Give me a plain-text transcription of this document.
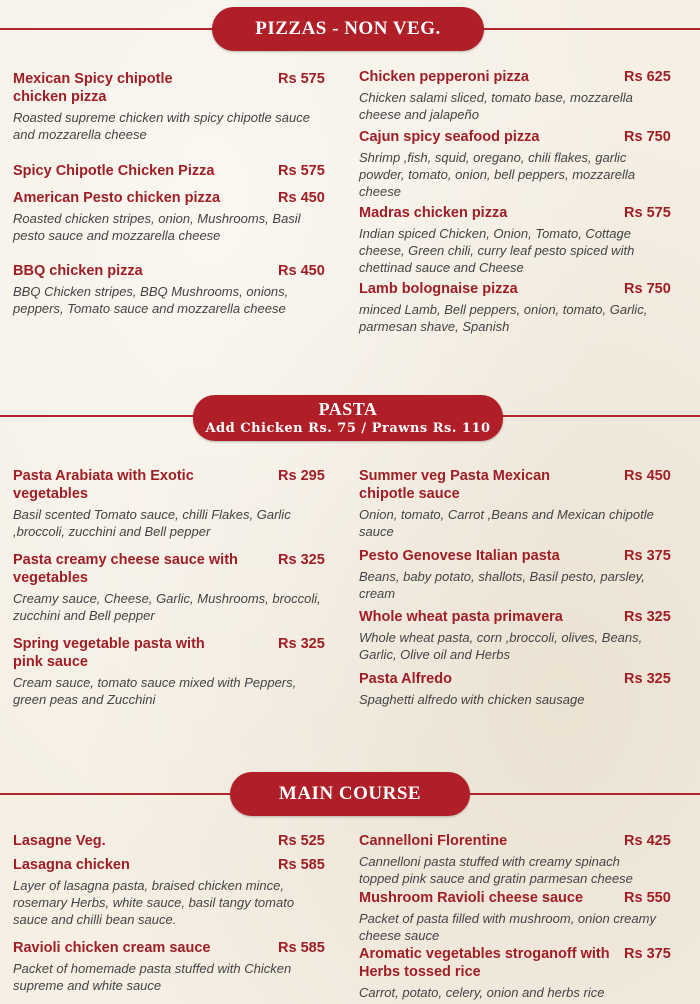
PIZZAS - NON VEG.
Mexican Spicy chipotle
chicken pizza
Rs 575
Roasted supreme chicken with spicy chipotle sauce
and mozzarella cheese
Spicy Chipotle Chicken Pizza	Rs 575
American Pesto chicken pizza	Rs 450
Roasted chicken stripes, onion, Mushrooms, Basil
pesto sauce and mozzarella cheese
BBQ chicken pizza	Rs 450
BBQ Chicken stripes, BBQ Mushrooms, onions,
peppers, Tomato sauce and mozzarella cheese
Chicken pepperoni pizza	Rs 625
Chicken salami sliced, tomato base, mozzarella
cheese and jalapeño
Cajun spicy seafood pizza	Rs 750
Shrimp ,fish, squid, oregano, chili flakes, garlic
powder, tomato, onion, bell peppers, mozzarella
cheese
Madras chicken pizza	Rs 575
Indian spiced Chicken, Onion, Tomato, Cottage
cheese, Green chili, curry leaf pesto spiced with
chettinad sauce and Cheese
Lamb bolognaise pizza	Rs 750
minced Lamb, Bell peppers, onion, tomato, Garlic,
parmesan shave, Spanish
PASTA
Add Chicken Rs. 75 / Prawns Rs. 110
Pasta Arabiata with Exotic
vegetables
Rs 295
Basil scented Tomato sauce, chilli Flakes, Garlic
,broccoli, zucchini and Bell pepper
Pasta creamy cheese sauce with
vegetables
Rs 325
Creamy sauce, Cheese, Garlic, Mushrooms, broccoli,
zucchini and Bell pepper
Spring vegetable pasta with
pink sauce
Rs 325
Cream sauce, tomato sauce mixed with Peppers,
green peas and Zucchini
Summer veg Pasta Mexican
chipotle sauce
Rs 450
Onion, tomato, Carrot ,Beans and Mexican chipotle
sauce
Pesto Genovese Italian pasta	Rs 375
Beans, baby potato, shallots, Basil pesto, parsley,
cream
Whole wheat pasta primavera	Rs 325
Whole wheat pasta, corn ,broccoli, olives, Beans,
Garlic, Olive oil and Herbs
Pasta Alfredo	Rs 325
Spaghetti alfredo with chicken sausage
MAIN COURSE
Lasagne Veg.	Rs 525
Lasagna chicken	Rs 585
Layer of lasagna pasta, braised chicken mince,
rosemary Herbs, white sauce, basil tangy tomato
sauce and chilli bean sauce.
Ravioli chicken cream sauce	Rs 585
Packet of homemade pasta stuffed with Chicken
supreme and white sauce
Cannelloni Florentine	Rs 425
Cannelloni pasta stuffed with creamy spinach
topped pink sauce and gratin parmesan cheese
Mushroom Ravioli cheese sauce	Rs 550
Packet of pasta filled with mushroom, onion creamy
cheese sauce
Aromatic vegetables stroganoff with
Herbs tossed rice
Rs 375
Carrot, potato, celery, onion and herbs rice
